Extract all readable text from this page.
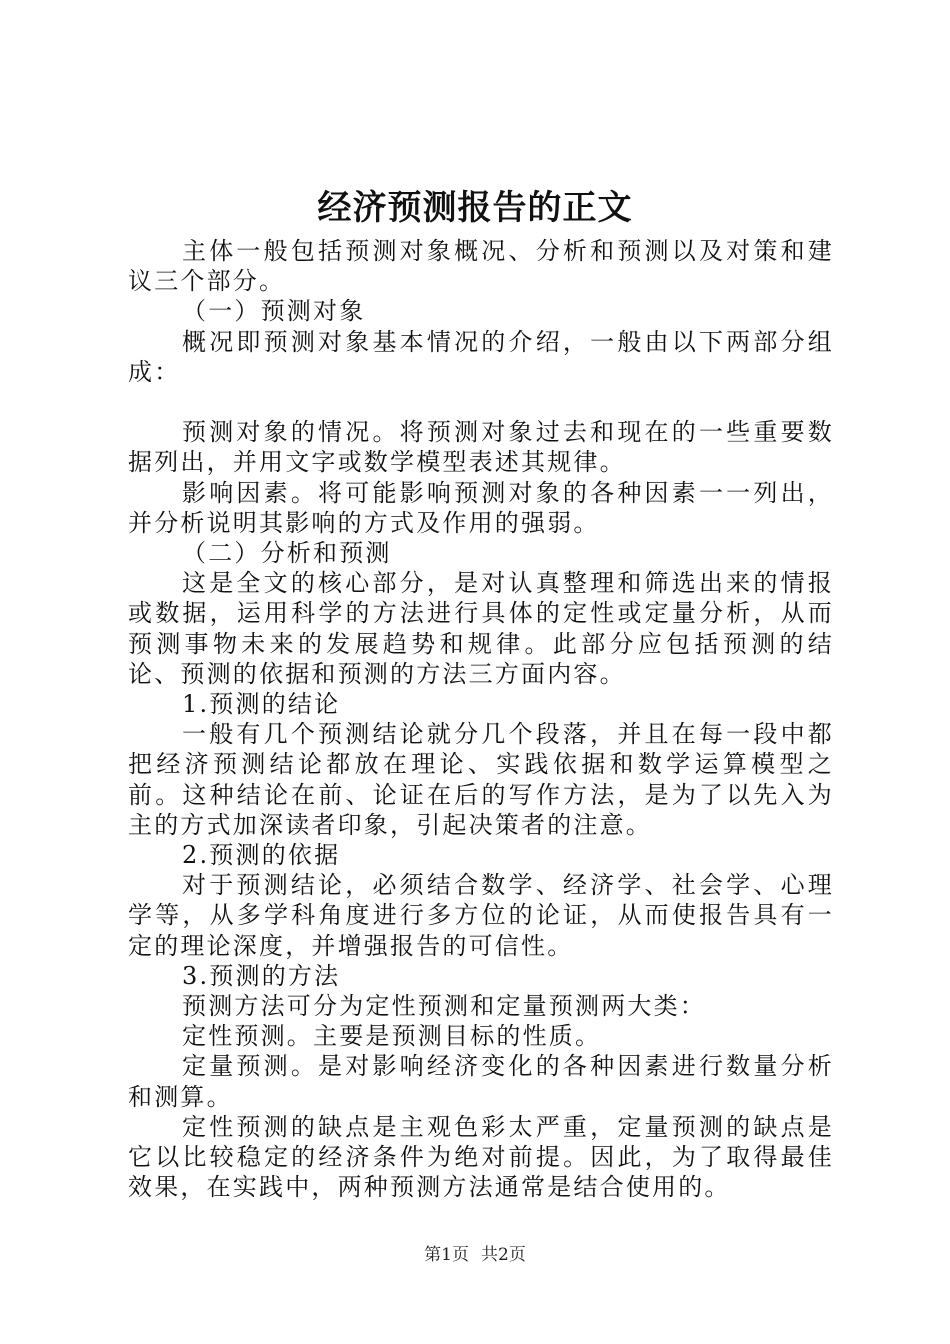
经济预测报告的正文

主体一般包括预测对象概况、分析和预测以及对策和建议三个部分。

（一）预测对象

概况即预测对象基本情况的介绍，一般由以下两部分组成：

预测对象的情况。将预测对象过去和现在的一些重要数据列出，并用文字或数学模型表述其规律。

影响因素。将可能影响预测对象的各种因素一一列出，并分析说明其影响的方式及作用的强弱。

（二）分析和预测

这是全文的核心部分，是对认真整理和筛选出来的情报或数据，运用科学的方法进行具体的定性或定量分析，从而预测事物未来的发展趋势和规律。此部分应包括预测的结论、预测的依据和预测的方法三方面内容。

1.预测的结论

一般有几个预测结论就分几个段落，并且在每一段中都把经济预测结论都放在理论、实践依据和数学运算模型之前。这种结论在前、论证在后的写作方法，是为了以先入为主的方式加深读者印象，引起决策者的注意。

2.预测的依据

对于预测结论，必须结合数学、经济学、社会学、心理学等，从多学科角度进行多方位的论证，从而使报告具有一定的理论深度，并增强报告的可信性。

3.预测的方法

预测方法可分为定性预测和定量预测两大类：

定性预测。主要是预测目标的性质。

定量预测。是对影响经济变化的各种因素进行数量分析和测算。

定性预测的缺点是主观色彩太严重，定量预测的缺点是它以比较稳定的经济条件为绝对前提。因此，为了取得最佳效果，在实践中，两种预测方法通常是结合使用的。

第1页 共2页
